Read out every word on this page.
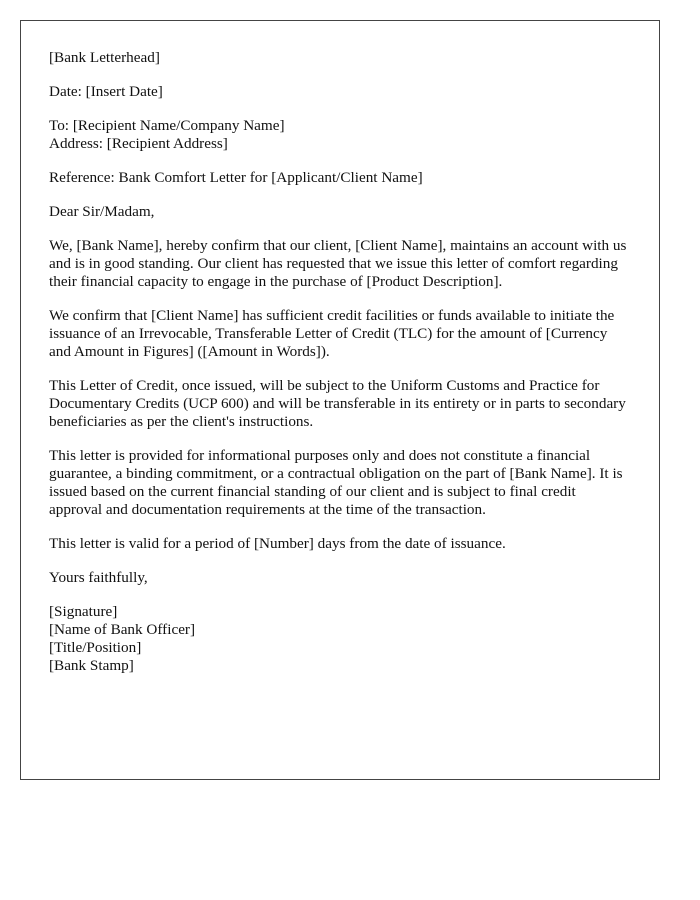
[Bank Letterhead]

Date: [Insert Date]

To: [Recipient Name/Company Name]
Address: [Recipient Address]

Reference: Bank Comfort Letter for [Applicant/Client Name]

Dear Sir/Madam,

We, [Bank Name], hereby confirm that our client, [Client Name], maintains an account with us and is in good standing. Our client has requested that we issue this letter of comfort regarding their financial capacity to engage in the purchase of [Product Description].

We confirm that [Client Name] has sufficient credit facilities or funds available to initiate the issuance of an Irrevocable, Transferable Letter of Credit (TLC) for the amount of [Currency and Amount in Figures] ([Amount in Words]).

This Letter of Credit, once issued, will be subject to the Uniform Customs and Practice for Documentary Credits (UCP 600) and will be transferable in its entirety or in parts to secondary beneficiaries as per the client's instructions.

This letter is provided for informational purposes only and does not constitute a financial guarantee, a binding commitment, or a contractual obligation on the part of [Bank Name]. It is issued based on the current financial standing of our client and is subject to final credit approval and documentation requirements at the time of the transaction.

This letter is valid for a period of [Number] days from the date of issuance.

Yours faithfully,

[Signature]
[Name of Bank Officer]
[Title/Position]
[Bank Stamp]
